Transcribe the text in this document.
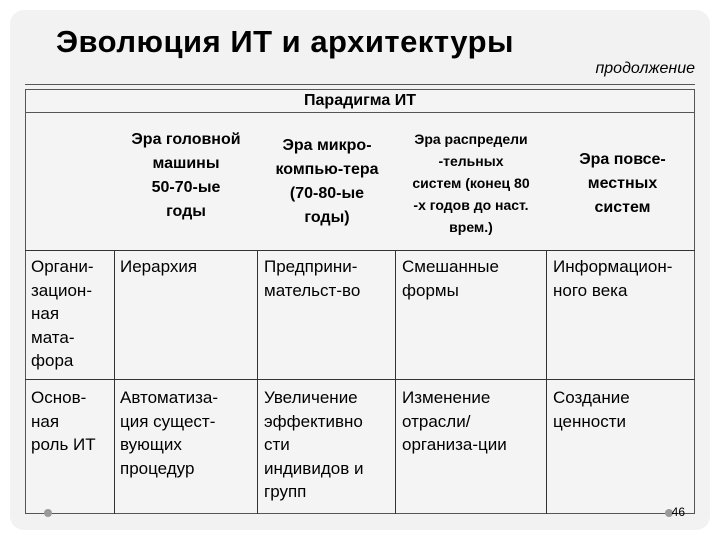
Эволюция ИТ и архитектуры
продолжение
Парадигма ИТ
Эра головной
машины
50-70-ые
годы
Эра микро-
компью-тера
(70-80-ые
годы)
Эра распредели
-тельных
систем (конец 80
-х годов до наст.
врем.)
Эра повсе-
местных
систем
Органи-
зацион-
ная
мата-
фора
Иерархия	Предприни-
мательст-во
Смешанные
формы
Информацион-
ного века
Основ-
ная
роль ИТ
Автоматиза-
ция сущест-
вующих
процедур
Увеличение
эффективно
сти
индивидов и
групп
Изменение
отрасли/
организа-ции
Создание
ценности
46
